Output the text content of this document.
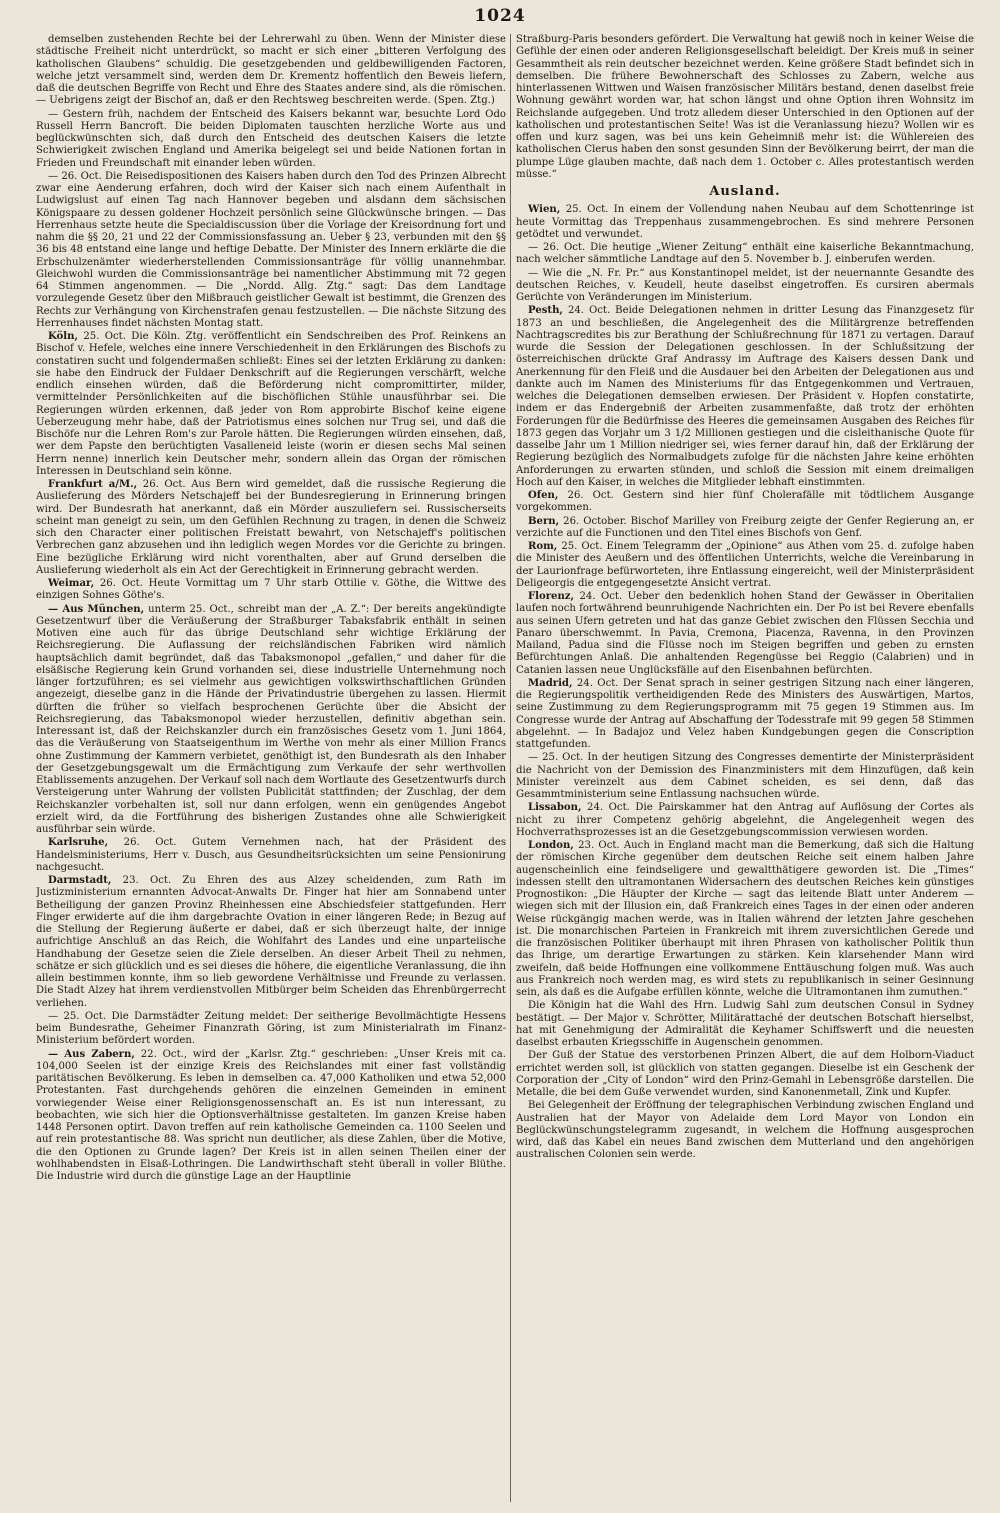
1024

demselben zustehenden Rechte bei der Lehrerwahl zu üben. Wenn der Minister diese städtische Freiheit nicht unterdrückt, so macht er sich einer „bitteren Verfolgung des katholischen Glaubens“ schuldig. Die gesetzgebenden und geldbewilligenden Factoren, welche jetzt versammelt sind, werden dem Dr. Krementz hoffentlich den Beweis liefern, daß die deutschen Begriffe von Recht und Ehre des Staates andere sind, als die römischen. — Uebrigens zeigt der Bischof an, daß er den Rechtsweg beschreiten werde. (Spen. Ztg.)

— Gestern früh, nachdem der Entscheid des Kaisers bekannt war, besuchte Lord Odo Russell Herrn Bancroft. Die beiden Diplomaten tauschten herzliche Worte aus und beglückwünschten sich, daß durch den Entscheid des deutschen Kaisers die letzte Schwierigkeit zwischen England und Amerika beigelegt sei und beide Nationen fortan in Frieden und Freundschaft mit einander leben würden.

— 26. Oct. Die Reisedispositionen des Kaisers haben durch den Tod des Prinzen Albrecht zwar eine Aenderung erfahren, doch wird der Kaiser sich nach einem Aufenthalt in Ludwigslust auf einen Tag nach Hannover begeben und alsdann dem sächsischen Königspaare zu dessen goldener Hochzeit persönlich seine Glückwünsche bringen. — Das Herrenhaus setzte heute die Specialdiscussion über die Vorlage der Kreisordnung fort und nahm die §§ 20, 21 und 22 der Commissionsfassung an. Ueber § 23, verbunden mit den §§ 36 bis 48 entstand eine lange und heftige Debatte. Der Minister des Innern erklärte die die Erbschulzenämter wiederherstellenden Commissionsanträge für völlig unannehmbar. Gleichwohl wurden die Commissionsanträge bei namentlicher Abstimmung mit 72 gegen 64 Stimmen angenommen. — Die „Nordd. Allg. Ztg.“ sagt: Das dem Landtage vorzulegende Gesetz über den Mißbrauch geistlicher Gewalt ist bestimmt, die Grenzen des Rechts zur Verhängung von Kirchenstrafen genau festzustellen. — Die nächste Sitzung des Herrenhauses findet nächsten Montag statt.

Köln, 25. Oct. Die Köln. Ztg. veröffentlicht ein Sendschreiben des Prof. Reinkens an Bischof v. Hefele, welches eine innere Verschiedenheit in den Erklärungen des Bischofs zu constatiren sucht und folgendermaßen schließt: Eines sei der letzten Erklärung zu danken: sie habe den Eindruck der Fuldaer Denkschrift auf die Regierungen verschärft, welche endlich einsehen würden, daß die Beförderung nicht compromittirter, milder, vermittelnder Persönlichkeiten auf die bischöflichen Stühle unausführbar sei. Die Regierungen würden erkennen, daß jeder von Rom approbirte Bischof keine eigene Ueberzeugung mehr habe, daß der Patriotismus eines solchen nur Trug sei, und daß die Bischöfe nur die Lehren Rom's zur Parole hätten. Die Regierungen würden einsehen, daß, wer dem Papste den berüchtigten Vasalleneid leiste (worin er diesen sechs Mal seinen Herrn nenne) innerlich kein Deutscher mehr, sondern allein das Organ der römischen Interessen in Deutschland sein könne.

Frankfurt a/M., 26. Oct. Aus Bern wird gemeldet, daß die russische Regierung die Auslieferung des Mörders Netschajeff bei der Bundesregierung in Erinnerung bringen wird. Der Bundesrath hat anerkannt, daß ein Mörder auszuliefern sei. Russischerseits scheint man geneigt zu sein, um den Gefühlen Rechnung zu tragen, in denen die Schweiz sich den Character einer politischen Freistatt bewahrt, von Netschajeff's politischen Verbrechen ganz abzusehen und ihn lediglich wegen Mordes vor die Gerichte zu bringen. Eine bezügliche Erklärung wird nicht vorenthalten, aber auf Grund derselben die Auslieferung wiederholt als ein Act der Gerechtigkeit in Erinnerung gebracht werden.

Weimar, 26. Oct. Heute Vormittag um 7 Uhr starb Ottilie v. Göthe, die Wittwe des einzigen Sohnes Göthe's.

— Aus München, unterm 25. Oct., schreibt man der „A. Z.“: Der bereits angekündigte Gesetzentwurf über die Veräußerung der Straßburger Tabaksfabrik enthält in seinen Motiven eine auch für das übrige Deutschland sehr wichtige Erklärung der Reichsregierung. Die Auflassung der reichsländischen Fabriken wird nämlich hauptsächlich damit begründet, daß das Tabaksmonopol „gefallen,“ und daher für die elsäßische Regierung kein Grund vorhanden sei, diese industrielle Unternehmung noch länger fortzuführen; es sei vielmehr aus gewichtigen volkswirthschaftlichen Gründen angezeigt, dieselbe ganz in die Hände der Privatindustrie übergehen zu lassen. Hiermit dürften die früher so vielfach besprochenen Gerüchte über die Absicht der Reichsregierung, das Tabaksmonopol wieder herzustellen, definitiv abgethan sein. Interessant ist, daß der Reichskanzler durch ein französisches Gesetz vom 1. Juni 1864, das die Veräußerung von Staatseigenthum im Werthe von mehr als einer Million Francs ohne Zustimmung der Kammern verbietet, genöthigt ist, den Bundesrath als den Inhaber der Gesetzgebungsgewalt um die Ermächtigung zum Verkaufe der sehr werthvollen Etablissements anzugehen. Der Verkauf soll nach dem Wortlaute des Gesetzentwurfs durch Versteigerung unter Wahrung der vollsten Publicität stattfinden; der Zuschlag, der dem Reichskanzler vorbehalten ist, soll nur dann erfolgen, wenn ein genügendes Angebot erzielt wird, da die Fortführung des bisherigen Zustandes ohne alle Schwierigkeit ausführbar sein würde.

Karlsruhe, 26. Oct. Gutem Vernehmen nach, hat der Präsident des Handelsministeriums, Herr v. Dusch, aus Gesundheitsrücksichten um seine Pensionirung nachgesucht.

Darmstadt, 23. Oct. Zu Ehren des aus Alzey scheidenden, zum Rath im Justizministerium ernannten Advocat-Anwalts Dr. Finger hat hier am Sonnabend unter Betheiligung der ganzen Provinz Rheinhessen eine Abschiedsfeier stattgefunden. Herr Finger erwiderte auf die ihm dargebrachte Ovation in einer längeren Rede; in Bezug auf die Stellung der Regierung äußerte er dabei, daß er sich überzeugt halte, der innige aufrichtige Anschluß an das Reich, die Wohlfahrt des Landes und eine unparteiische Handhabung der Gesetze seien die Ziele derselben. An dieser Arbeit Theil zu nehmen, schätze er sich glücklich und es sei dieses die höhere, die eigentliche Veranlassung, die ihn allein bestimmen konnte, ihm so lieb gewordene Verhältnisse und Freunde zu verlassen. Die Stadt Alzey hat ihrem verdienstvollen Mitbürger beim Scheiden das Ehrenbürgerrecht verliehen.

— 25. Oct. Die Darmstädter Zeitung meldet: Der seitherige Bevollmächtigte Hessens beim Bundesrathe, Geheimer Finanzrath Göring, ist zum Ministerialrath im Finanz-Ministerium befördert worden.

— Aus Zabern, 22. Oct., wird der „Karlsr. Ztg.“ geschrieben: „Unser Kreis mit ca. 104,000 Seelen ist der einzige Kreis des Reichslandes mit einer fast vollständig paritätischen Bevölkerung. Es leben in demselben ca. 47,000 Katholiken und etwa 52,000 Protestanten. Fast durchgehends gehören die einzelnen Gemeinden in eminent vorwiegender Weise einer Religionsgenossenschaft an. Es ist nun interessant, zu beobachten, wie sich hier die Optionsverhältnisse gestalteten. Im ganzen Kreise haben 1448 Personen optirt. Davon treffen auf rein katholische Gemeinden ca. 1100 Seelen und auf rein protestantische 88. Was spricht nun deutlicher, als diese Zahlen, über die Motive, die den Optionen zu Grunde lagen? Der Kreis ist in allen seinen Theilen einer der wohlhabendsten in Elsaß-Lothringen. Die Landwirthschaft steht überall in voller Blüthe. Die Industrie wird durch die günstige Lage an der Hauptlinie

Straßburg-Paris besonders gefördert. Die Verwaltung hat gewiß noch in keiner Weise die Gefühle der einen oder anderen Religionsgesellschaft beleidigt. Der Kreis muß in seiner Gesammtheit als rein deutscher bezeichnet werden. Keine größere Stadt befindet sich in demselben. Die frühere Bewohnerschaft des Schlosses zu Zabern, welche aus hinterlassenen Wittwen und Waisen französischer Militärs bestand, denen daselbst freie Wohnung gewährt worden war, hat schon längst und ohne Option ihren Wohnsitz im Reichslande aufgegeben. Und trotz alledem dieser Unterschied in den Optionen auf der katholischen und protestantischen Seite! Was ist die Veranlassung hiezu? Wollen wir es offen und kurz sagen, was bei uns kein Geheimniß mehr ist: die Wühlereien des katholischen Clerus haben den sonst gesunden Sinn der Bevölkerung beirrt, der man die plumpe Lüge glauben machte, daß nach dem 1. October c. Alles protestantisch werden müsse.“

Ausland.

Wien, 25. Oct. In einem der Vollendung nahen Neubau auf dem Schottenringe ist heute Vormittag das Treppenhaus zusammengebrochen. Es sind mehrere Personen getödtet und verwundet.

— 26. Oct. Die heutige „Wiener Zeitung“ enthält eine kaiserliche Bekanntmachung, nach welcher sämmtliche Landtage auf den 5. November b. J. einberufen werden.

— Wie die „N. Fr. Pr.“ aus Konstantinopel meldet, ist der neuernannte Gesandte des deutschen Reiches, v. Keudell, heute daselbst eingetroffen. Es cursiren abermals Gerüchte von Veränderungen im Ministerium.

Pesth, 24. Oct. Beide Delegationen nehmen in dritter Lesung das Finanzgesetz für 1873 an und beschließen, die Angelegenheit des die Militärgrenze betreffenden Nachtragscredites bis zur Berathung der Schlußrechnung für 1871 zu vertagen. Darauf wurde die Session der Delegationen geschlossen. In der Schlußsitzung der österreichischen drückte Graf Andrassy im Auftrage des Kaisers dessen Dank und Anerkennung für den Fleiß und die Ausdauer bei den Arbeiten der Delegationen aus und dankte auch im Namen des Ministeriums für das Entgegenkommen und Vertrauen, welches die Delegationen demselben erwiesen. Der Präsident v. Hopfen constatirte, indem er das Endergebniß der Arbeiten zusammenfaßte, daß trotz der erhöhten Forderungen für die Bedürfnisse des Heeres die gemeinsamen Ausgaben des Reiches für 1873 gegen das Vorjahr um 3 1/2 Millionen gestiegen und die cisleithanische Quote für dasselbe Jahr um 1 Million niedriger sei, wies ferner darauf hin, daß der Erklärung der Regierung bezüglich des Normalbudgets zufolge für die nächsten Jahre keine erhöhten Anforderungen zu erwarten stünden, und schloß die Session mit einem dreimaligen Hoch auf den Kaiser, in welches die Mitglieder lebhaft einstimmten.

Ofen, 26. Oct. Gestern sind hier fünf Cholerafälle mit tödtlichem Ausgange vorgekommen.

Bern, 26. October. Bischof Marilley von Freiburg zeigte der Genfer Regierung an, er verzichte auf die Functionen und den Titel eines Bischofs von Genf.

Rom, 25. Oct. Einem Telegramm der „Opinione“ aus Athen vom 25. d. zufolge haben die Minister des Aeußern und des öffentlichen Unterrichts, welche die Vereinbarung in der Laurionfrage befürworteten, ihre Entlassung eingereicht, weil der Ministerpräsident Deligeorgis die entgegengesetzte Ansicht vertrat.

Florenz, 24. Oct. Ueber den bedenklich hohen Stand der Gewässer in Oberitalien laufen noch fortwährend beunruhigende Nachrichten ein. Der Po ist bei Revere ebenfalls aus seinen Ufern getreten und hat das ganze Gebiet zwischen den Flüssen Secchia und Panaro überschwemmt. In Pavia, Cremona, Piacenza, Ravenna, in den Provinzen Mailand, Padua sind die Flüsse noch im Steigen begriffen und geben zu ernsten Befürchtungen Anlaß. Die anhaltenden Regengüsse bei Reggio (Calabrien) und in Catanien lassen neue Unglücksfälle auf den Eisenbahnen befürchten.

Madrid, 24. Oct. Der Senat sprach in seiner gestrigen Sitzung nach einer längeren, die Regierungspolitik vertheidigenden Rede des Ministers des Auswärtigen, Martos, seine Zustimmung zu dem Regierungsprogramm mit 75 gegen 19 Stimmen aus. Im Congresse wurde der Antrag auf Abschaffung der Todesstrafe mit 99 gegen 58 Stimmen abgelehnt. — In Badajoz und Velez haben Kundgebungen gegen die Conscription stattgefunden.

— 25. Oct. In der heutigen Sitzung des Congresses dementirte der Ministerpräsident die Nachricht von der Demission des Finanzministers mit dem Hinzufügen, daß kein Minister vereinzelt aus dem Cabinet scheiden, es sei denn, daß das Gesammtministerium seine Entlassung nachsuchen würde.

Lissabon, 24. Oct. Die Pairskammer hat den Antrag auf Auflösung der Cortes als nicht zu ihrer Competenz gehörig abgelehnt, die Angelegenheit wegen des Hochverrathsprozesses ist an die Gesetzgebungscommission verwiesen worden.

London, 23. Oct. Auch in England macht man die Bemerkung, daß sich die Haltung der römischen Kirche gegenüber dem deutschen Reiche seit einem halben Jahre augenscheinlich eine feindseligere und gewaltthätigere geworden ist. Die „Times“ indessen stellt den ultramontanen Widersachern des deutschen Reiches kein günstiges Prognostikon: „Die Häupter der Kirche — sagt das leitende Blatt unter Anderem — wiegen sich mit der Illusion ein, daß Frankreich eines Tages in der einen oder anderen Weise rückgängig machen werde, was in Italien während der letzten Jahre geschehen ist. Die monarchischen Parteien in Frankreich mit ihrem zuversichtlichen Gerede und die französischen Politiker überhaupt mit ihren Phrasen von katholischer Politik thun das Ihrige, um derartige Erwartungen zu stärken. Kein klarsehender Mann wird zweifeln, daß beide Hoffnungen eine vollkommene Enttäuschung folgen muß. Was auch aus Frankreich noch werden mag, es wird stets zu republikanisch in seiner Gesinnung sein, als daß es die Aufgabe erfüllen könnte, welche die Ultramontanen ihm zumuthen.“

Die Königin hat die Wahl des Hrn. Ludwig Sahl zum deutschen Consul in Sydney bestätigt. — Der Major v. Schrötter, Militärattaché der deutschen Botschaft hierselbst, hat mit Genehmigung der Admiralität die Keyhamer Schiffswerft und die neuesten daselbst erbauten Kriegsschiffe in Augenschein genommen.

Der Guß der Statue des verstorbenen Prinzen Albert, die auf dem Holborn-Viaduct errichtet werden soll, ist glücklich von statten gegangen. Dieselbe ist ein Geschenk der Corporation der „City of London“ wird den Prinz-Gemahl in Lebensgröße darstellen. Die Metalle, die bei dem Guße verwendet wurden, sind Kanonenmetall, Zink und Kupfer.

Bei Gelegenheit der Eröffnung der telegraphischen Verbindung zwischen England und Australien hat der Mayor von Adelaide dem Lord Mayor von London ein Beglückwünschungstelegramm zugesandt, in welchem die Hoffnung ausgesprochen wird, daß das Kabel ein neues Band zwischen dem Mutterland und den angehörigen australischen Colonien sein werde.
